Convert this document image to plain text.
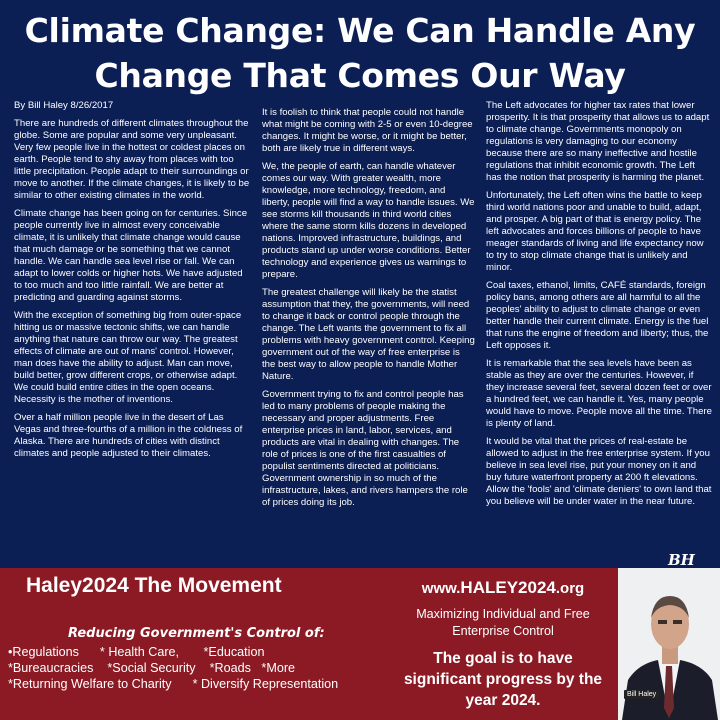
Climate Change: We Can Handle Any Change That Comes Our Way

By Bill Haley 8/26/2017

There are hundreds of different climates throughout the globe. Some are popular and some very unpleasant. Very few people live in the hottest or coldest places on earth. People tend to shy away from places with too little precipitation. People adapt to their surroundings or move to another. If the climate changes, it is likely to be similar to other existing climates in the world.

Climate change has been going on for centuries. Since people currently live in almost every conceivable climate, it is unlikely that climate change would cause that much damage or be something that we cannot handle. We can handle sea level rise or fall. We can adapt to lower colds or higher hots. We have adjusted to too much and too little rainfall. We are better at predicting and guarding against storms.

With the exception of something big from outer-space hitting us or massive tectonic shifts, we can handle anything that nature can throw our way. The greatest effects of climate are out of mans' control. However, man does have the ability to adjust. Man can move, build better, grow different crops, or otherwise adapt. We could build entire cities in the open oceans. Necessity is the mother of inventions.

Over a half million people live in the desert of Las Vegas and three-fourths of a million in the coldness of Alaska. There are hundreds of cities with distinct climates and people adjusted to their climates.

It is foolish to think that people could not handle what might be coming with 2-5 or even 10-degree changes. It might be worse, or it might be better, both are likely true in different ways.

We, the people of earth, can handle whatever comes our way. With greater wealth, more knowledge, more technology, freedom, and liberty, people will find a way to handle issues. We see storms kill thousands in third world cities where the same storm kills dozens in developed nations. Improved infrastructure, buildings, and products stand up under worse conditions. Better technology and experience gives us warnings to prepare.

The greatest challenge will likely be the statist assumption that they, the governments, will need to change it back or control people through the change. The Left wants the government to fix all problems with heavy government control. Keeping government out of the way of free enterprise is the best way to allow people to handle Mother Nature.

Government trying to fix and control people has led to many problems of people making the necessary and proper adjustments. Free enterprise prices in land, labor, services, and products are vital in dealing with changes. The role of prices is one of the first casualties of populist sentiments directed at politicians. Government ownership in so much of the infrastructure, lakes, and rivers hampers the role of prices doing its job.

The Left advocates for higher tax rates that lower prosperity. It is that prosperity that allows us to adapt to climate change. Governments monopoly on regulations is very damaging to our economy because there are so many ineffective and hostile regulations that inhibit economic growth. The Left has the notion that prosperity is harming the planet.

Unfortunately, the Left often wins the battle to keep third world nations poor and unable to build, adapt, and prosper. A big part of that is energy policy. The left advocates and forces billions of people to have meager standards of living and life expectancy now to try to stop climate change that is unlikely and minor.

Coal taxes, ethanol, limits, CAFÉ standards, foreign policy bans, among others are all harmful to all the peoples' ability to adjust to climate change or even better handle their current climate. Energy is the fuel that runs the engine of freedom and liberty; thus, the Left opposes it.

It is remarkable that the sea levels have been as stable as they are over the centuries. However, if they increase several feet, several dozen feet or over a hundred feet, we can handle it. Yes, many people would have to move. People move all the time. There is plenty of land.

It would be vital that the prices of real-estate be allowed to adjust in the free enterprise system. If you believe in sea level rise, put your money on it and buy future waterfront property at 200 ft elevations. Allow the 'fools' and 'climate deniers' to own land that you believe will be under water in the near future.

Haley2024 The Movement
Reducing Government's Control of:
•Regulations * Health Care, *Education
*Bureaucracies *Social Security *Roads *More
*Returning Welfare to Charity * Diversify Representation
www.HALEY2024.org
Maximizing Individual and Free Enterprise Control
The goal is to have significant progress by the year 2024.	Bill Haley
BH
